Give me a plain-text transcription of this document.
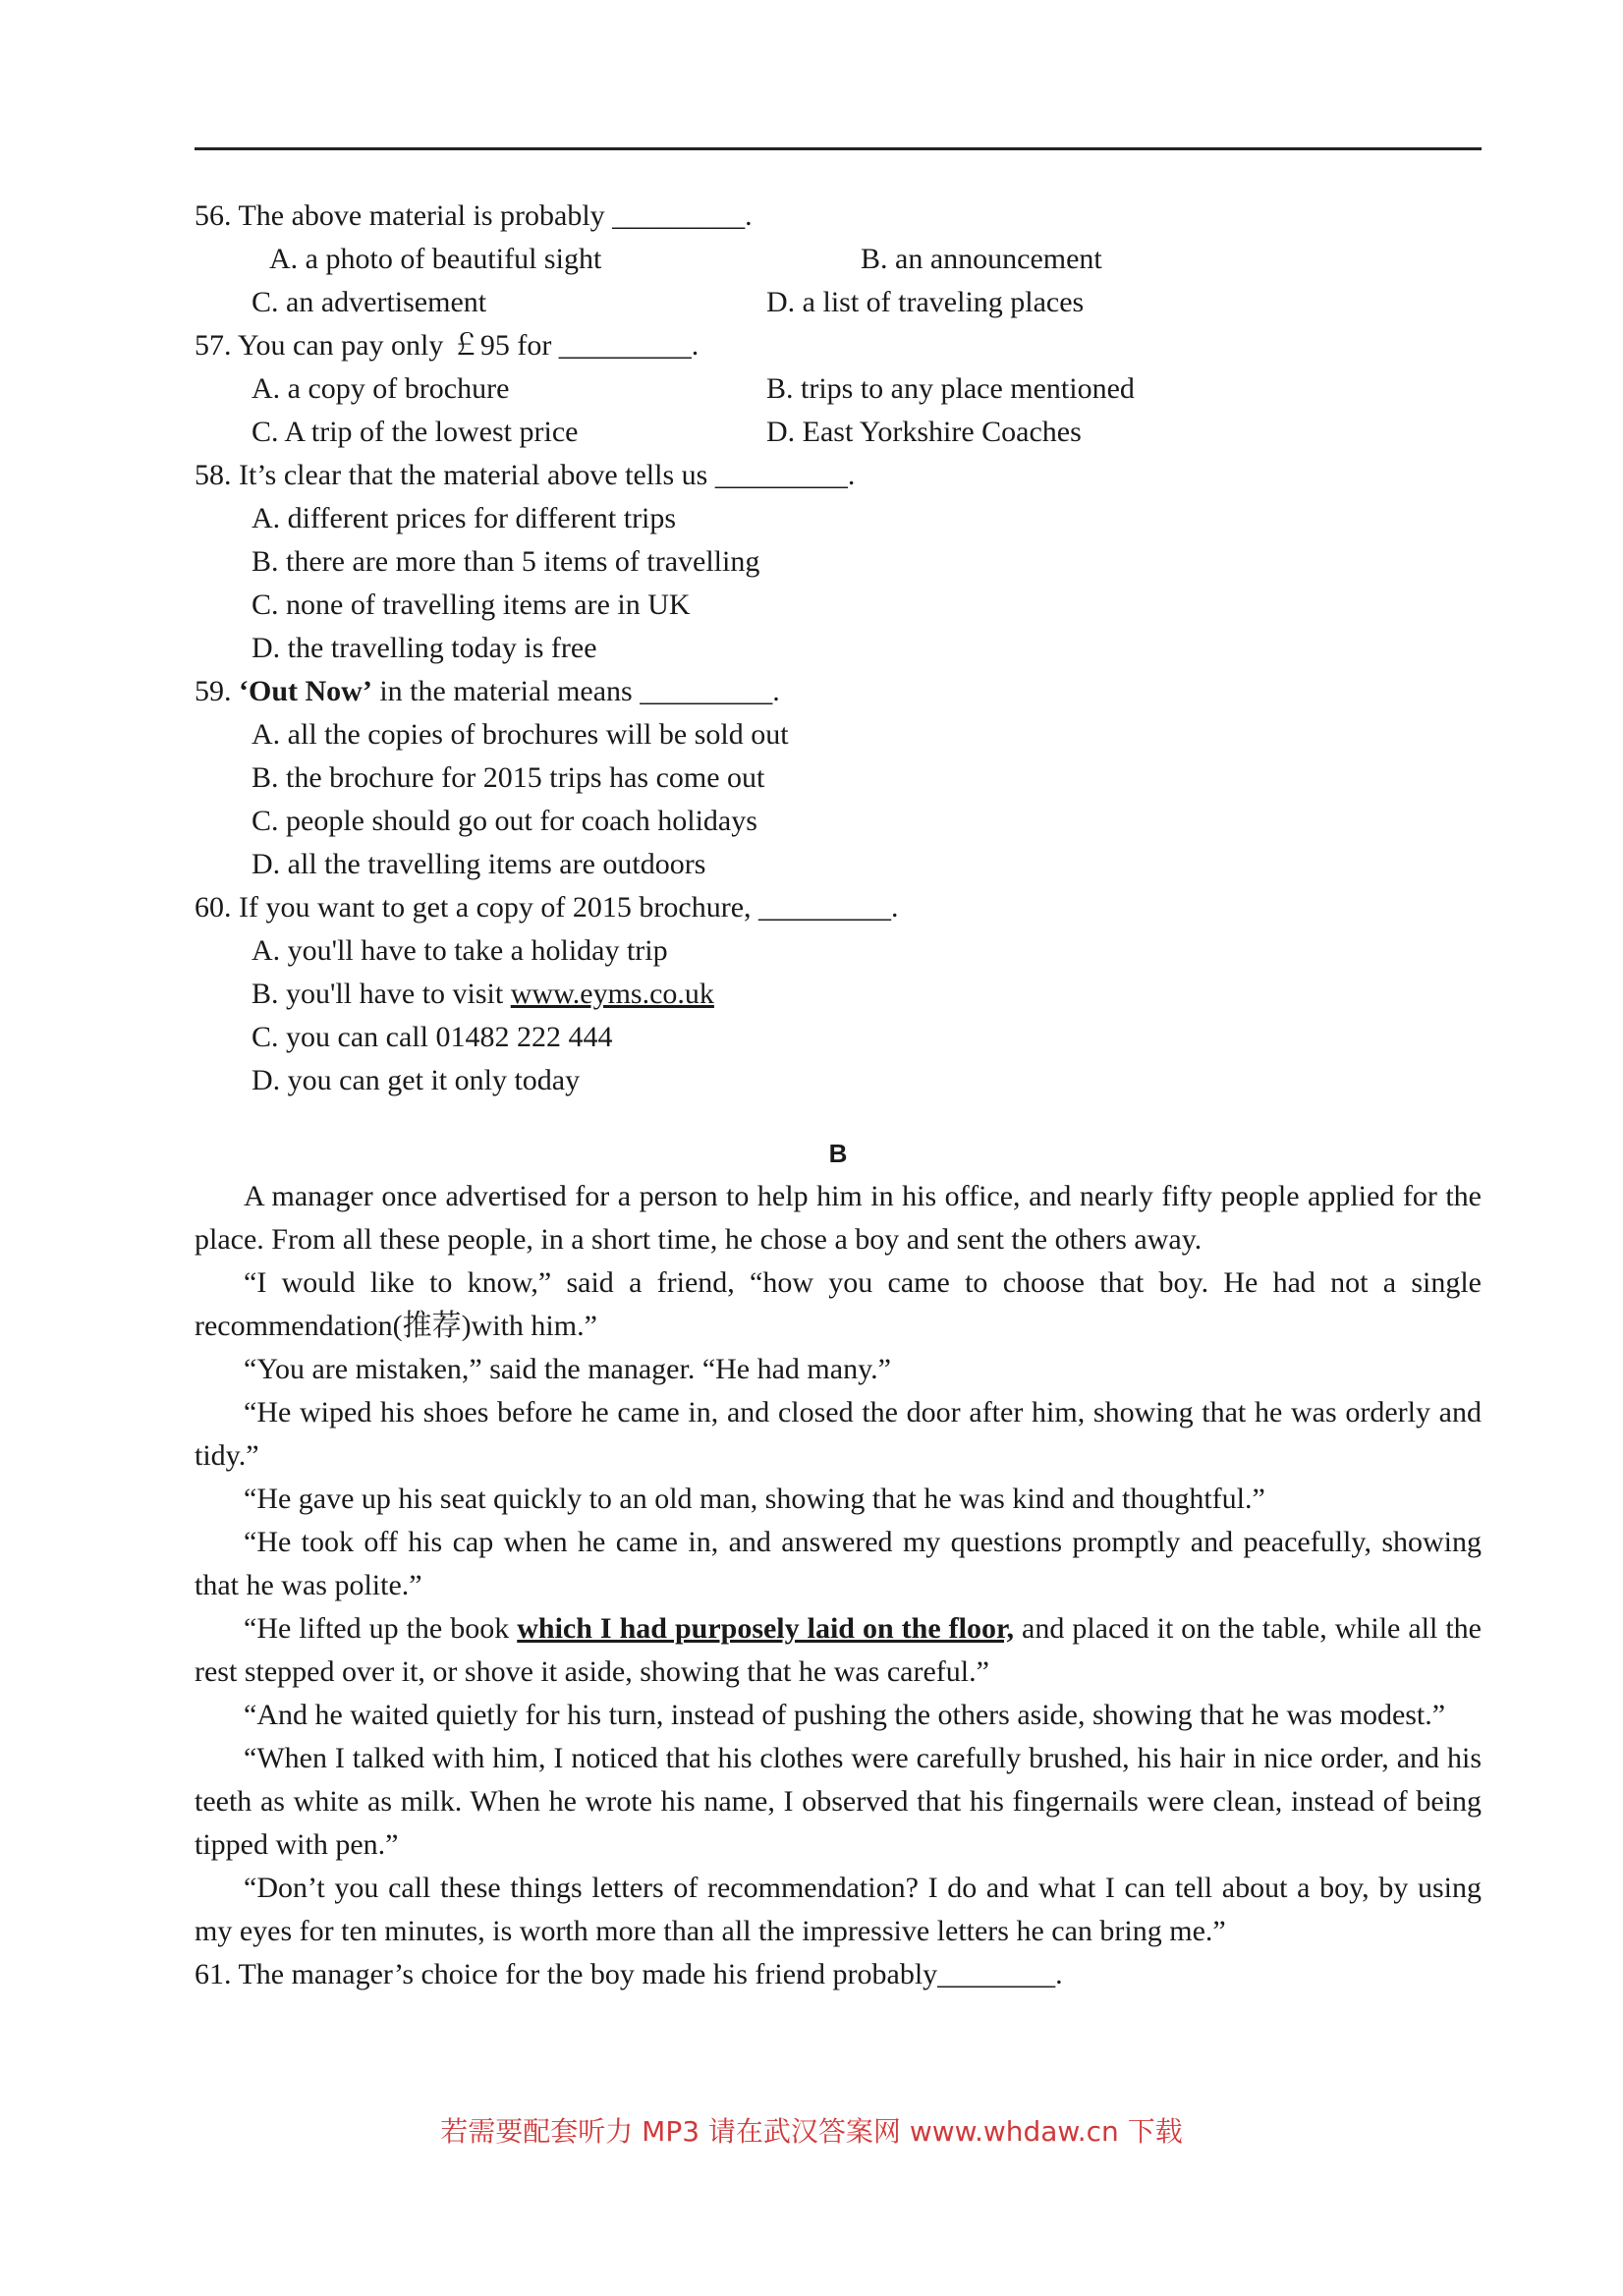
56. The above material is probably _________.

A. a photo of beautiful sight	B. an announcement
C. an advertisement	D. a list of traveling places

57. You can pay only ￡95 for _________.

A. a copy of brochure	B. trips to any place mentioned
C. A trip of the lowest price	D. East Yorkshire Coaches

58. It’s clear that the material above tells us _________.

A. different prices for different trips

B. there are more than 5 items of travelling

C. none of travelling items are in UK

D. the travelling today is free

59. ‘Out Now’ in the material means _________.

A. all the copies of brochures will be sold out

B. the brochure for 2015 trips has come out

C. people should go out for coach holidays

D. all the travelling items are outdoors

60. If you want to get a copy of 2015 brochure, _________.

A. you'll have to take a holiday trip

B. you'll have to visit www.eyms.co.uk

C. you can call 01482 222 444

D. you can get it only today

B

A manager once advertised for a person to help him in his office, and nearly fifty people applied for the place. From all these people, in a short time, he chose a boy and sent the others away.

“I would like to know,” said a friend, “how you came to choose that boy. He had not a single recommendation(推荐)with him.”

“You are mistaken,” said the manager. “He had many.”

“He wiped his shoes before he came in, and closed the door after him, showing that he was orderly and tidy.”

“He gave up his seat quickly to an old man, showing that he was kind and thoughtful.”

“He took off his cap when he came in, and answered my questions promptly and peacefully, showing that he was polite.”

“He lifted up the book which I had purposely laid on the floor, and placed it on the table, while all the rest stepped over it, or shove it aside, showing that he was careful.”

“And he waited quietly for his turn, instead of pushing the others aside, showing that he was modest.”

“When I talked with him, I noticed that his clothes were carefully brushed, his hair in nice order, and his teeth as white as milk. When he wrote his name, I observed that his fingernails were clean, instead of being tipped with pen.”

“Don’t you call these things letters of recommendation? I do and what I can tell about a boy, by using my eyes for ten minutes, is worth more than all the impressive letters he can bring me.”

61. The manager’s choice for the boy made his friend probably________.

若需要配套听力 MP3 请在武汉答案网 www.whdaw.cn 下载
